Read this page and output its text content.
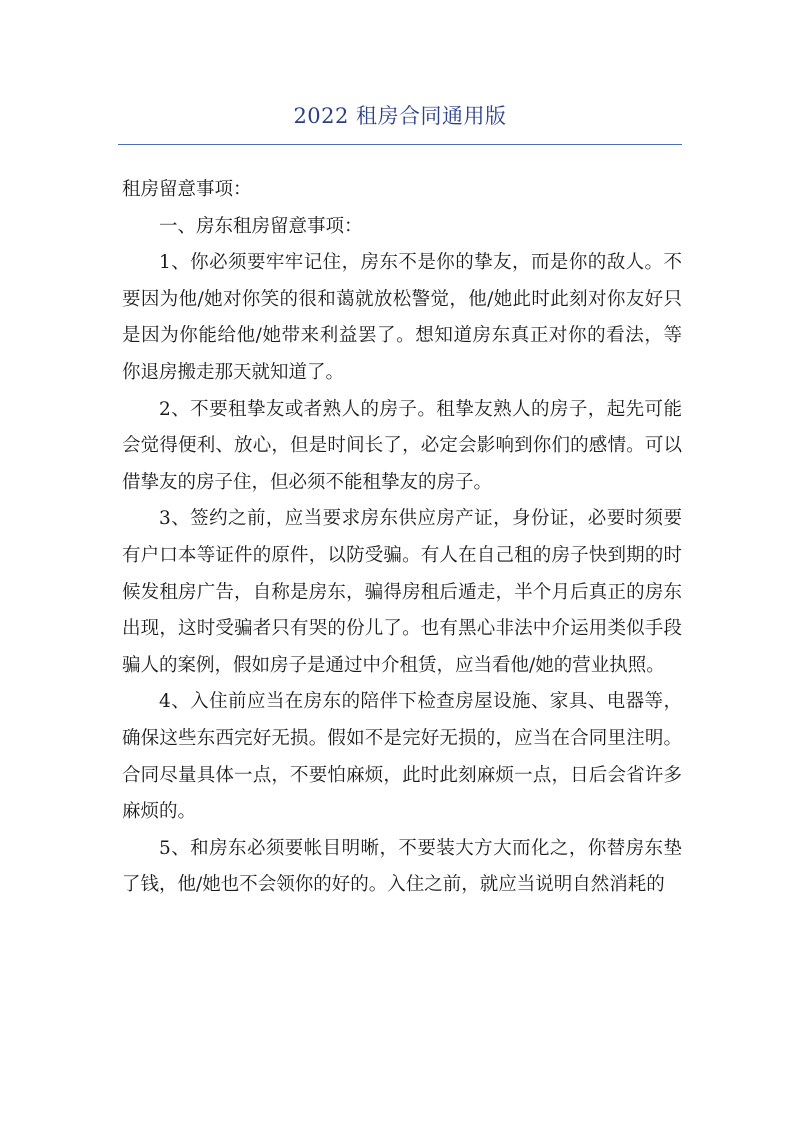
2022 租房合同通用版

租房留意事项：

一、房东租房留意事项：

1、你必须要牢牢记住，房东不是你的挚友，而是你的敌人。不要因为他/她对你笑的很和蔼就放松警觉，他/她此时此刻对你友好只是因为你能给他/她带来利益罢了。想知道房东真正对你的看法，等你退房搬走那天就知道了。

2、不要租挚友或者熟人的房子。租挚友熟人的房子，起先可能会觉得便利、放心，但是时间长了，必定会影响到你们的感情。可以借挚友的房子住，但必须不能租挚友的房子。

3、签约之前，应当要求房东供应房产证，身份证，必要时须要有户口本等证件的原件，以防受骗。有人在自己租的房子快到期的时候发租房广告，自称是房东，骗得房租后遁走，半个月后真正的房东出现，这时受骗者只有哭的份儿了。也有黑心非法中介运用类似手段骗人的案例，假如房子是通过中介租赁，应当看他/她的营业执照。

4、入住前应当在房东的陪伴下检查房屋设施、家具、电器等，确保这些东西完好无损。假如不是完好无损的，应当在合同里注明。合同尽量具体一点，不要怕麻烦，此时此刻麻烦一点，日后会省许多麻烦的。

5、和房东必须要帐目明晰，不要装大方大而化之，你替房东垫了钱，他/她也不会领你的好的。入住之前，就应当说明自然消耗的
